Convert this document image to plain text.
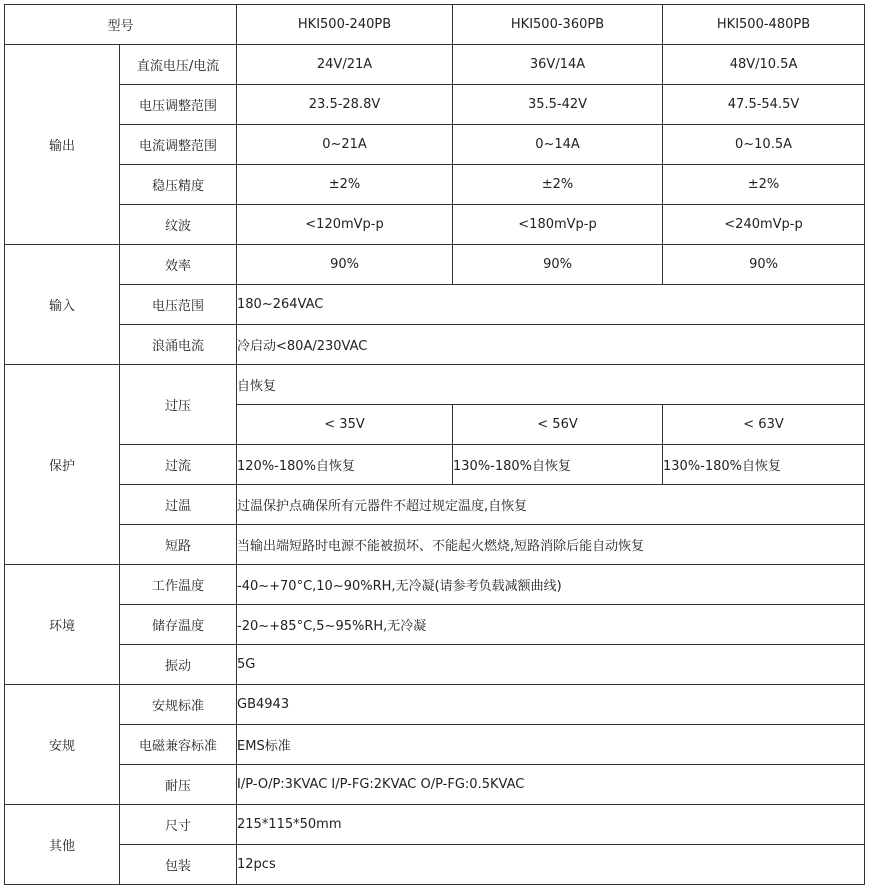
型号		HKI500-240PB	HKI500-360PB	HKI500-480PB
输出	直流电压/电流	24V/21A	36V/14A	48V/10.5A
	电压调整范围	23.5-28.8V	35.5-42V	47.5-54.5V
	电流调整范围	0~21A	0~14A	0~10.5A
	稳压精度	±2%	±2%	±2%
	纹波	<120mVp-p	<180mVp-p	<240mVp-p
输入	效率	90%	90%	90%
	电压范围	180~264VAC		
	浪涌电流	冷启动<80A/230VAC		
保护	过压	自恢复		
		< 35V	< 56V	< 63V
	过流	120%-180%自恢复	130%-180%自恢复	130%-180%自恢复
	过温	过温保护点确保所有元器件不超过规定温度,自恢复		
	短路	当输出端短路时电源不能被损坏、不能起火燃烧,短路消除后能自动恢复		
环境	工作温度	-40~+70°C,10~90%RH,无冷凝(请参考负载减额曲线)		
	储存温度	-20~+85°C,5~95%RH,无冷凝		
	振动	5G		
安规	安规标准	GB4943		
	电磁兼容标准	EMS标准		
	耐压	I/P-O/P:3KVAC I/P-FG:2KVAC O/P-FG:0.5KVAC		
其他	尺寸	215*115*50mm		
	包装	12pcs		
